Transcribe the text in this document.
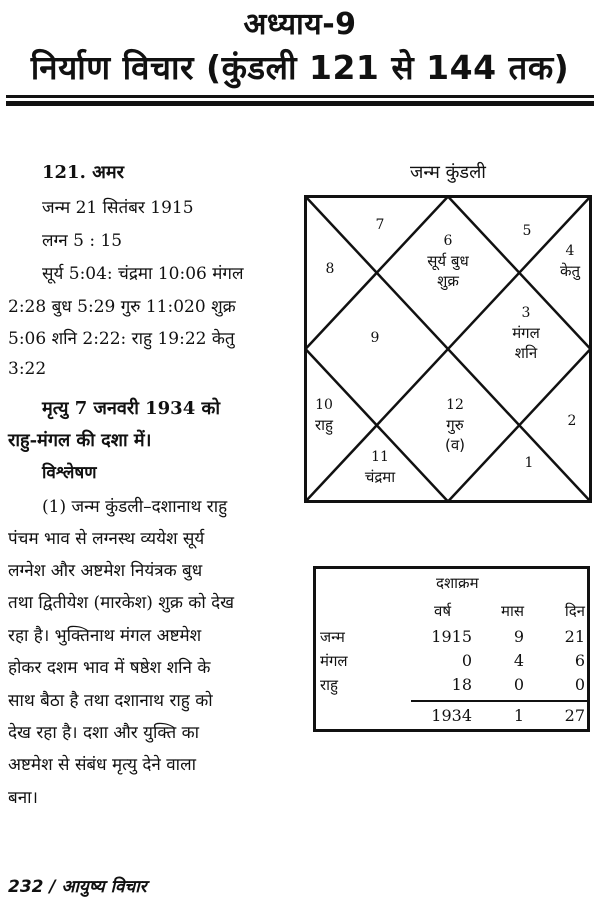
अध्याय-9
निर्याण विचार (कुंडली 121 से 144 तक)
121. अमर
जन्म 21 सितंबर 1915
लग्न 5 : 15
सूर्य 5:04: चंद्रमा 10:06 मंगल
2:28 बुध 5:29 गुरु 11:020 शुक्र
5:06 शनि 2:22: राहु 19:22 केतु
3:22
मृत्यु 7 जनवरी 1934 को
राहु-मंगल की दशा में।
विश्लेषण
(1) जन्म कुंडली–दशानाथ राहु
पंचम भाव से लग्नस्थ व्ययेश सूर्य
लग्नेश और अष्टमेश नियंत्रक बुध
तथा द्वितीयेश (मारकेश) शुक्र को देख
रहा है। भुक्तिनाथ मंगल अष्टमेश
होकर दशम भाव में षष्ठेश शनि के
साथ बैठा है तथा दशानाथ राहु को
देख रहा है। दशा और युक्ति का
अष्टमेश से संबंध मृत्यु देने वाला
बना।
जन्म कुंडली
6
सूर्य बुध
शुक्र
7
8
9
10
राहु
11
चंद्रमा
12
गुरु
(व)
1
2
3
मंगल
शनि
4
केतु
5
दशाक्रम
वर्ष	मास	दिन
जन्म	1915	9	21
मंगल	0	4	6
राहु	18	0	0
1934	1	27
232 / आयुष्य विचार
